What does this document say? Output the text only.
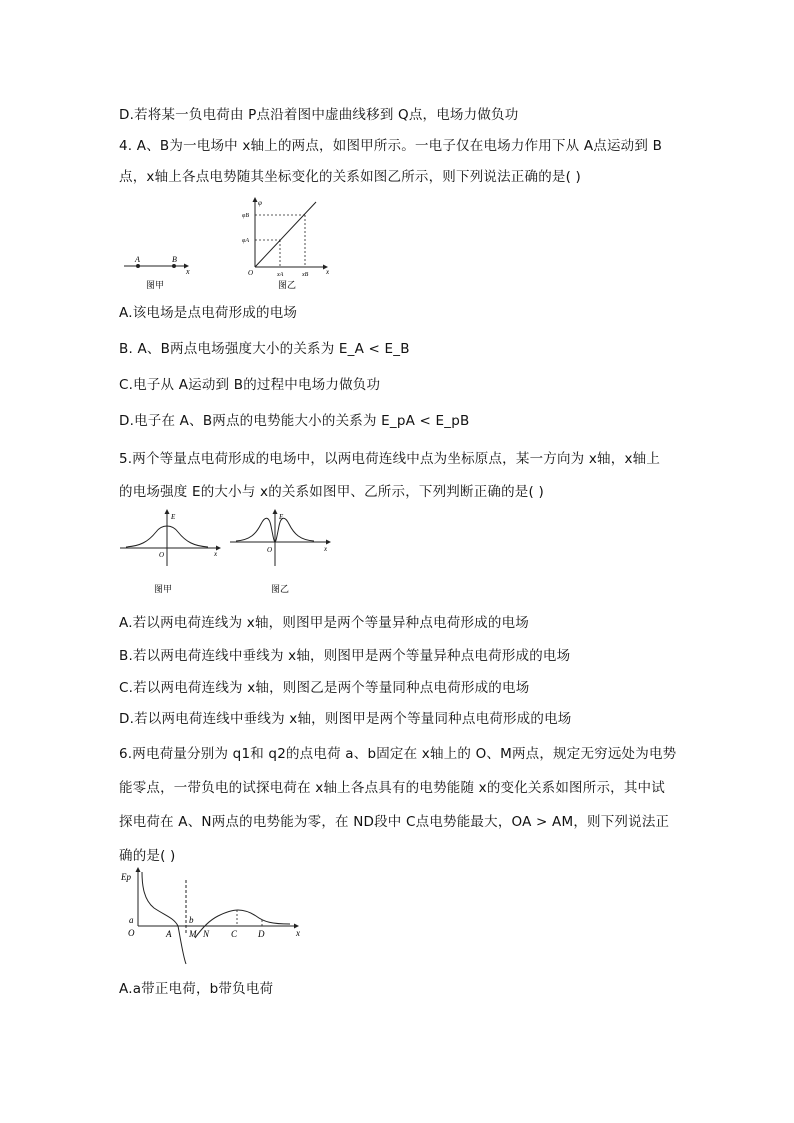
D.若将某一负电荷由 P点沿着图中虚曲线移到 Q点，电场力做负功
4. A、B为一电场中 x轴上的两点，如图甲所示。一电子仅在电场力作用下从 A点运动到 B
点，x轴上各点电势随其坐标变化的关系如图乙所示，则下列说法正确的是( )
A	B
x
图甲
φ
φB
φA
O	xA	xB	x
图乙
A.该电场是点电荷形成的电场
B. A、B两点电场强度大小的关系为 E_A < E_B
C.电子从 A运动到 B的过程中电场力做负功
D.电子在 A、B两点的电势能大小的关系为 E_pA < E_pB
5.两个等量点电荷形成的电场中，以两电荷连线中点为坐标原点，某一方向为 x轴，x轴上
的电场强度 E的大小与 x的关系如图甲、乙所示，下列判断正确的是( )
E
O	x
图甲
E
O	x
图乙
A.若以两电荷连线为 x轴，则图甲是两个等量异种点电荷形成的电场
B.若以两电荷连线中垂线为 x轴，则图甲是两个等量异种点电荷形成的电场
C.若以两电荷连线为 x轴，则图乙是两个等量同种点电荷形成的电场
D.若以两电荷连线中垂线为 x轴，则图甲是两个等量同种点电荷形成的电场
6.两电荷量分别为 q1和 q2的点电荷 a、b固定在 x轴上的 O、M两点，规定无穷远处为电势
能零点，一带负电的试探电荷在 x轴上各点具有的电势能随 x的变化关系如图所示，其中试
探电荷在 A、N两点的电势能为零，在 ND段中 C点电势能最大，OA > AM，则下列说法正
确的是( )
Ep
a
O	A
b
M N C D	x
A.a带正电荷，b带负电荷
